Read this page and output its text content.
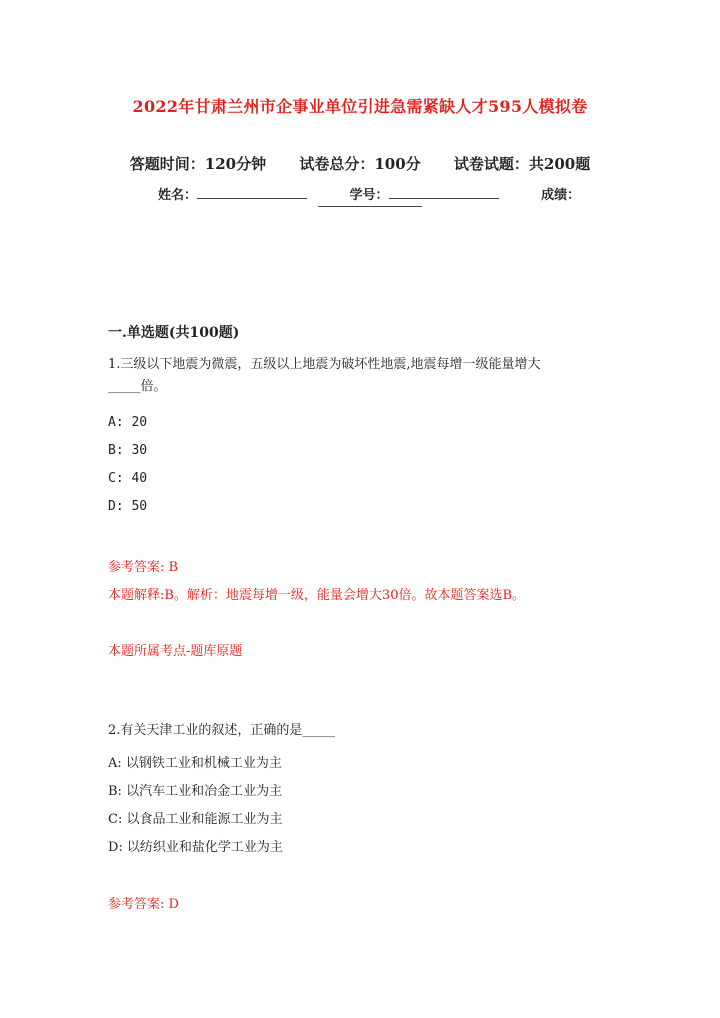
2022年甘肃兰州市企事业单位引进急需紧缺人才595人模拟卷
答题时间：120分钟 试卷总分：100分 试卷试题：共200题
姓名：	学号：	成绩：
一.单选题(共100题)
1.三级以下地震为微震，五级以上地震为破坏性地震,地震每增一级能量增大
_____倍。
A: 20
B: 30
C: 40
D: 50
参考答案: B
本题解释:B。解析：地震每增一级，能量会增大30倍。故本题答案选B。
本题所属考点-题库原题
2.有关天津工业的叙述，正确的是_____
A: 以钢铁工业和机械工业为主
B: 以汽车工业和冶金工业为主
C: 以食品工业和能源工业为主
D: 以纺织业和盐化学工业为主
参考答案: D
